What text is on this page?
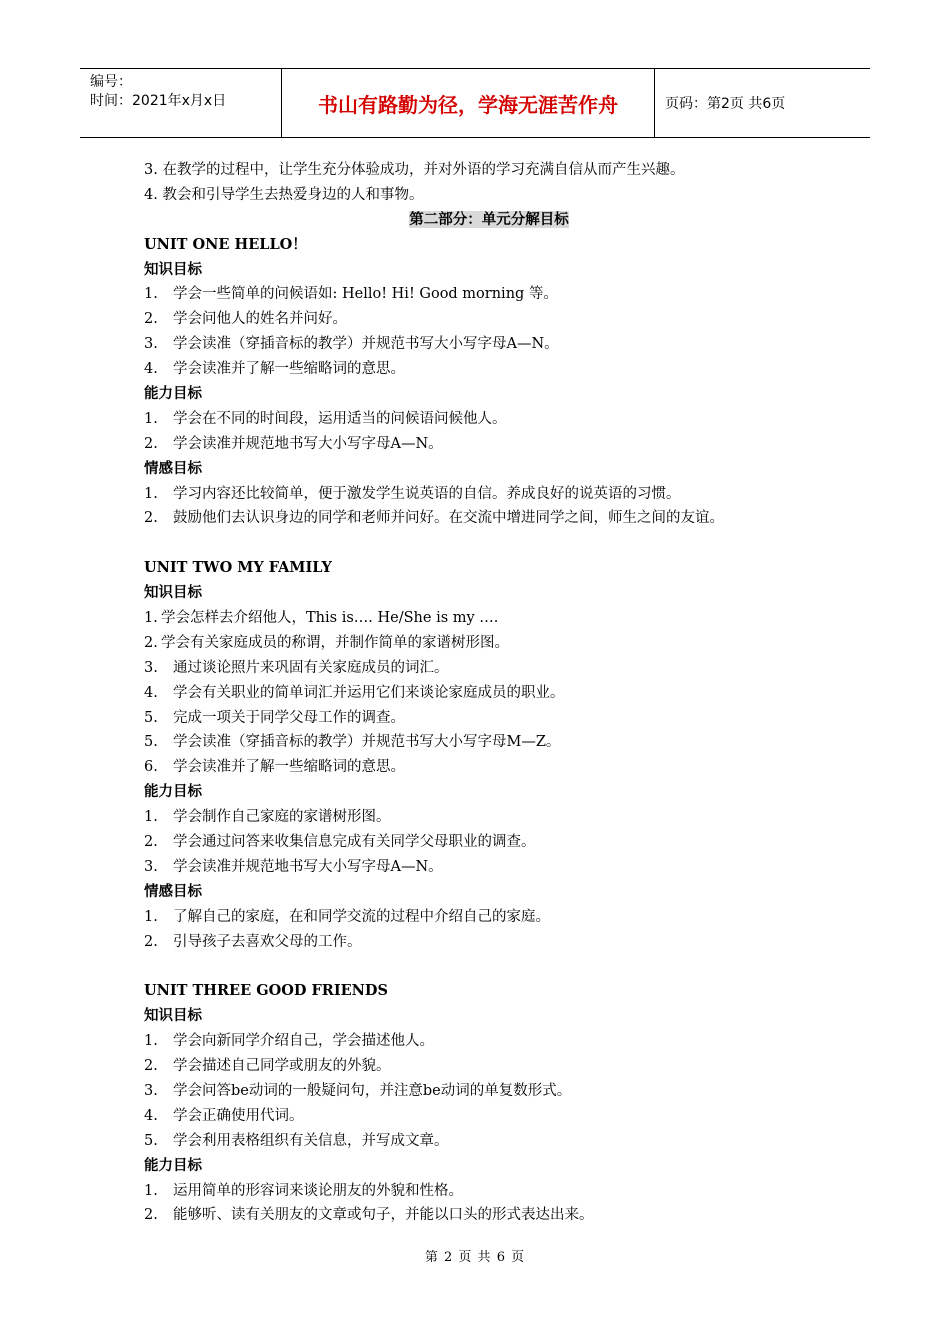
编号：
时间：2021年x月x日	书山有路勤为径，学海无涯苦作舟	页码：第2页 共6页
3. 在教学的过程中，让学生充分体验成功，并对外语的学习充满自信从而产生兴趣。
4. 教会和引导学生去热爱身边的人和事物。
第二部分：单元分解目标
UNIT ONE HELLO！
知识目标
1. 学会一些简单的问候语如: Hello! Hi! Good morning 等。
2. 学会问他人的姓名并问好。
3. 学会读准（穿插音标的教学）并规范书写大小写字母A—N。
4. 学会读准并了解一些缩略词的意思。
能力目标
1. 学会在不同的时间段，运用适当的问候语问候他人。
2. 学会读准并规范地书写大小写字母A—N。
情感目标
1. 学习内容还比较简单，便于激发学生说英语的自信。养成良好的说英语的习惯。
2. 鼓励他们去认识身边的同学和老师并问好。在交流中增进同学之间，师生之间的友谊。
UNIT TWO MY FAMILY
知识目标
1. 学会怎样去介绍他人，This is…. He/She is my ….
2. 学会有关家庭成员的称谓，并制作简单的家谱树形图。
3. 通过谈论照片来巩固有关家庭成员的词汇。
4. 学会有关职业的简单词汇并运用它们来谈论家庭成员的职业。
5. 完成一项关于同学父母工作的调查。
5. 学会读准（穿插音标的教学）并规范书写大小写字母M—Z。
6. 学会读准并了解一些缩略词的意思。
能力目标
1. 学会制作自己家庭的家谱树形图。
2. 学会通过问答来收集信息完成有关同学父母职业的调查。
3. 学会读准并规范地书写大小写字母A—N。
情感目标
1. 了解自己的家庭，在和同学交流的过程中介绍自己的家庭。
2. 引导孩子去喜欢父母的工作。
UNIT THREE GOOD FRIENDS
知识目标
1. 学会向新同学介绍自己，学会描述他人。
2. 学会描述自己同学或朋友的外貌。
3. 学会问答be动词的一般疑问句，并注意be动词的单复数形式。
4. 学会正确使用代词。
5. 学会利用表格组织有关信息，并写成文章。
能力目标
1. 运用简单的形容词来谈论朋友的外貌和性格。
2. 能够听、读有关朋友的文章或句子，并能以口头的形式表达出来。
第 2 页 共 6 页
